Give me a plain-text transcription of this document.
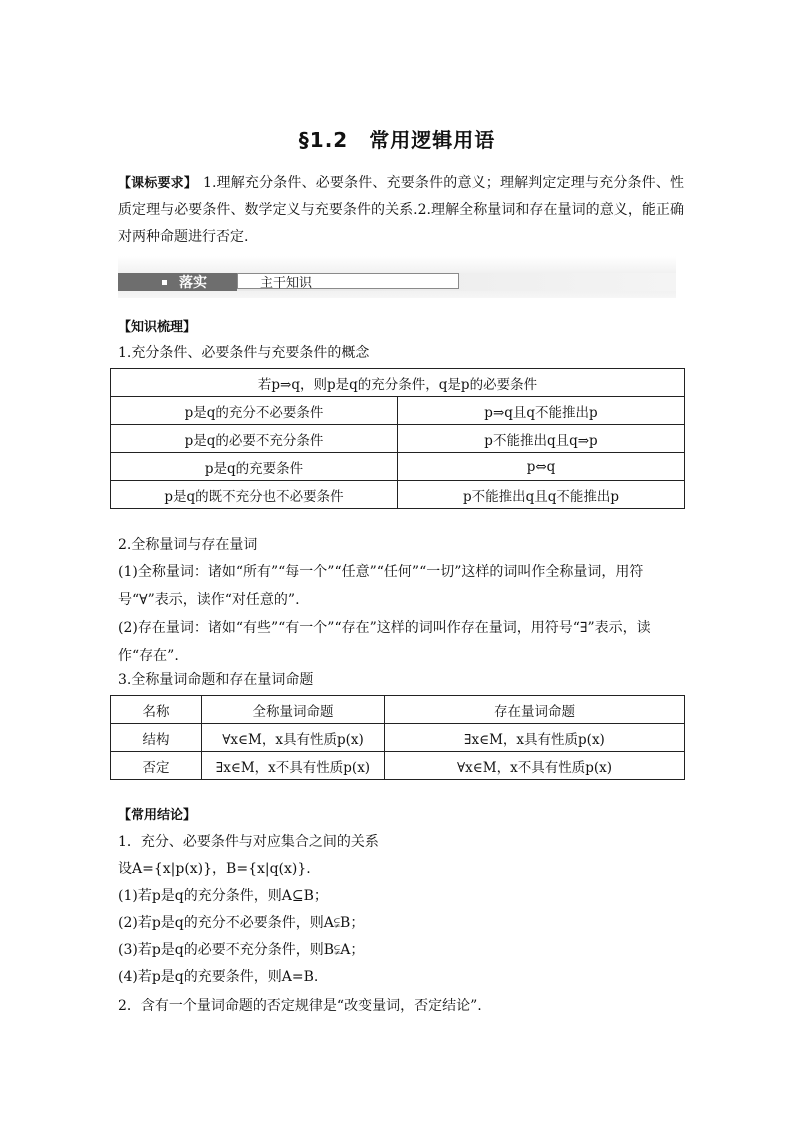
§1.2　常用逻辑用语
【课标要求】 1.理解充分条件、必要条件、充要条件的意义；理解判定定理与充分条件、性质定理与必要条件、数学定义与充要条件的关系.2.理解全称量词和存在量词的意义，能正确对两种命题进行否定.
落实	主干知识
【知识梳理】
1.充分条件、必要条件与充要条件的概念
若p⇒q，则p是q的充分条件，q是p的必要条件	
p是q的充分不必要条件	p⇒q且q不能推出p
p是q的必要不充分条件	p不能推出q且q⇒p
p是q的充要条件	p⇔q
p是q的既不充分也不必要条件	p不能推出q且q不能推出p
2.全称量词与存在量词
(1)全称量词：诸如“所有”“每一个”“任意”“任何”“一切”这样的词叫作全称量词，用符号“∀”表示，读作“对任意的”.
(2)存在量词：诸如“有些”“有一个”“存在”这样的词叫作存在量词，用符号“∃”表示，读作“存在”.
3.全称量词命题和存在量词命题
名称	全称量词命题	存在量词命题
结构	∀x∈M，x具有性质p(x)	∃x∈M，x具有性质p(x)
否定	∃x∈M，x不具有性质p(x)	∀x∈M，x不具有性质p(x)
【常用结论】
1．充分、必要条件与对应集合之间的关系
设A={x|p(x)}，B={x|q(x)}.
(1)若p是q的充分条件，则A⊆B；
(2)若p是q的充分不必要条件，则A⫋B；
(3)若p是q的必要不充分条件，则B⫋A；
(4)若p是q的充要条件，则A=B.
2．含有一个量词命题的否定规律是“改变量词，否定结论”.
